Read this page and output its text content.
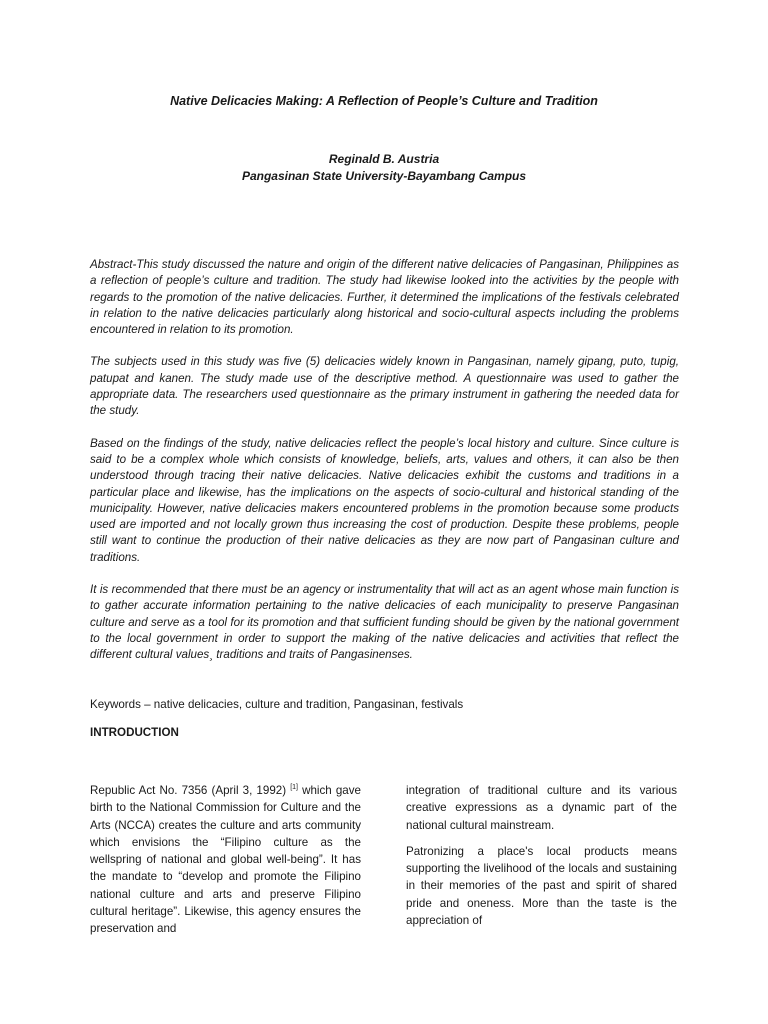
Native Delicacies Making: A Reflection of People’s Culture and Tradition

Reginald B. Austria

Pangasinan State University-Bayambang Campus

Abstract-This study discussed the nature and origin of the different native delicacies of Pangasinan, Philippines as a reflection of people’s culture and tradition. The study had likewise looked into the activities by the people with regards to the promotion of the native delicacies. Further, it determined the implications of the festivals celebrated in relation to the native delicacies particularly along historical and socio-cultural aspects including the problems encountered in relation to its promotion.

The subjects used in this study was five (5) delicacies widely known in Pangasinan, namely gipang, puto, tupig, patupat and kanen. The study made use of the descriptive method. A questionnaire was used to gather the appropriate data. The researchers used questionnaire as the primary instrument in gathering the needed data for the study.

Based on the findings of the study, native delicacies reflect the people’s local history and culture. Since culture is said to be a complex whole which consists of knowledge, beliefs, arts, values and others, it can also be then understood through tracing their native delicacies. Native delicacies exhibit the customs and traditions in a particular place and likewise, has the implications on the aspects of socio-cultural and historical standing of the municipality. However, native delicacies makers encountered problems in the promotion because some products used are imported and not locally grown thus increasing the cost of production. Despite these problems, people still want to continue the production of their native delicacies as they are now part of Pangasinan culture and traditions.

It is recommended that there must be an agency or instrumentality that will act as an agent whose main function is to gather accurate information pertaining to the native delicacies of each municipality to preserve Pangasinan culture and serve as a tool for its promotion and that sufficient funding should be given by the national government to the local government in order to support the making of the native delicacies and activities that reflect the different cultural values¸ traditions and traits of Pangasinenses.

Keywords – native delicacies, culture and tradition, Pangasinan, festivals

INTRODUCTION

Republic Act No. 7356 (April 3, 1992) [1] which gave birth to the National Commission for Culture and the Arts (NCCA) creates the culture and arts community which envisions the “Filipino culture as the wellspring of national and global well-being”. It has the mandate to “develop and promote the Filipino national culture and arts and preserve Filipino cultural heritage”. Likewise, this agency ensures the preservation and

integration of traditional culture and its various creative expressions as a dynamic part of the national cultural mainstream.

Patronizing a place's local products means supporting the livelihood of the locals and sustaining in their memories of the past and spirit of shared pride and oneness. More than the taste is the appreciation of
